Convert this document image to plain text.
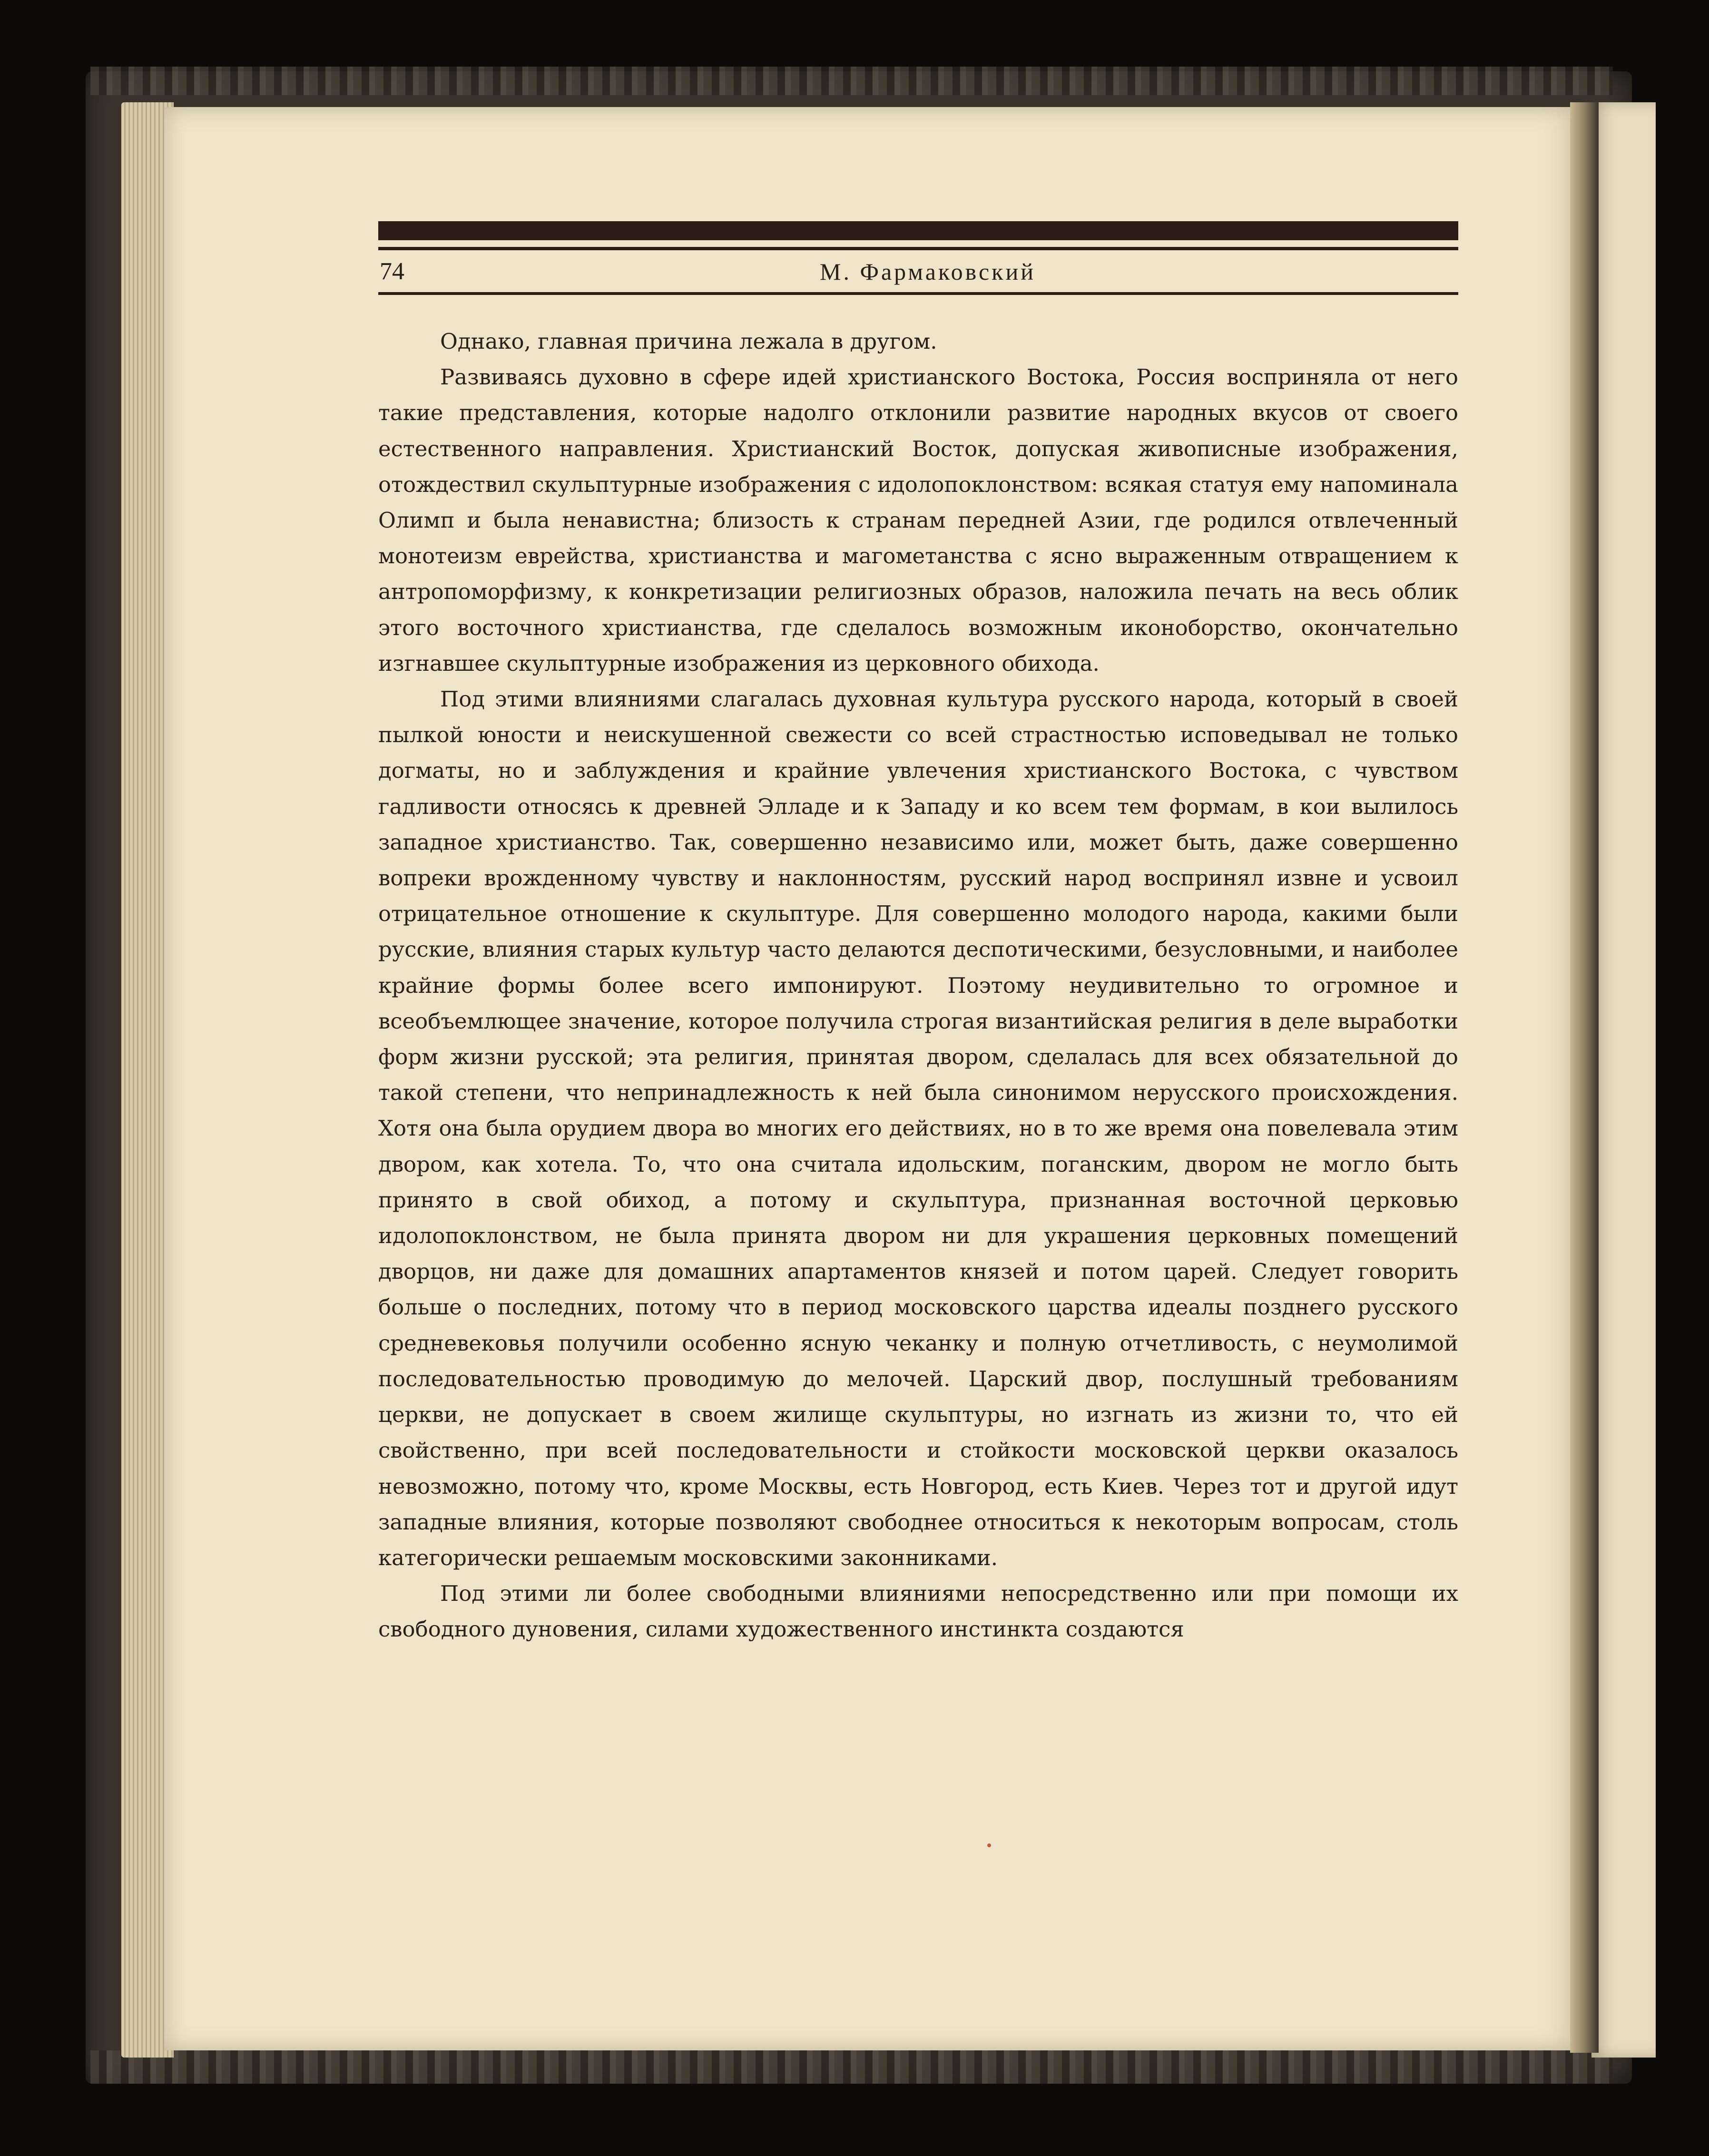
74	М. Фармаковский

Однако, главная причина лежала в другом.

Развиваясь духовно в сфере идей христианского Востока, Россия восприняла от него такие представления, которые надолго отклонили развитие народных вкусов от своего естественного направления. Христианский Восток, допуская живописные изображения, отождествил скульптурные изображения с идолопоклонством: всякая статуя ему напоминала Олимп и была ненавистна; близость к странам передней Азии, где родился отвлеченный монотеизм еврейства, христианства и магометанства с ясно выраженным отвращением к антропоморфизму, к конкретизации религиозных образов, наложила печать на весь облик этого восточного христианства, где сделалось возможным иконоборство, окончательно изгнавшее скульптурные изображения из церковного обихода.

Под этими влияниями слагалась духовная культура русского народа, который в своей пылкой юности и неискушенной свежести со всей страстностью исповедывал не только догматы, но и заблуждения и крайние увлечения христианского Востока, с чувством гадливости относясь к древней Элладе и к Западу и ко всем тем формам, в кои вылилось западное христианство. Так, совершенно независимо или, может быть, даже совершенно вопреки врожденному чувству и наклонностям, русский народ воспринял извне и усвоил отрицательное отношение к скульптуре. Для совершенно молодого народа, какими были русские, влияния старых культур часто делаются деспотическими, безусловными, и наиболее крайние формы более всего импонируют. Поэтому неудивительно то огромное и всеобъемлющее значение, которое получила строгая византийская религия в деле выработки форм жизни русской; эта религия, принятая двором, сделалась для всех обязательной до такой степени, что непринадлежность к ней была синонимом нерусского происхождения. Хотя она была орудием двора во многих его действиях, но в то же время она повелевала этим двором, как хотела. То, что она считала идольским, поганским, двором не могло быть принято в свой обиход, а потому и скульптура, признанная восточной церковью идолопоклонством, не была принята двором ни для украшения церковных помещений дворцов, ни даже для домашних апартаментов князей и потом царей. Следует говорить больше о последних, потому что в период московского царства идеалы позднего русского средневековья получили особенно ясную чеканку и полную отчетливость, с неумолимой последовательностью проводимую до мелочей. Царский двор, послушный требованиям церкви, не допускает в своем жилище скульптуры, но изгнать из жизни то, что ей свойственно, при всей последовательности и стойкости московской церкви оказалось невозможно, потому что, кроме Москвы, есть Новгород, есть Киев. Через тот и другой идут западные влияния, которые позволяют свободнее относиться к некоторым вопросам, столь категорически решаемым московскими законниками.

Под этими ли более свободными влияниями непосредственно или при помощи их свободного дуновения, силами художественного инстинкта создаются
